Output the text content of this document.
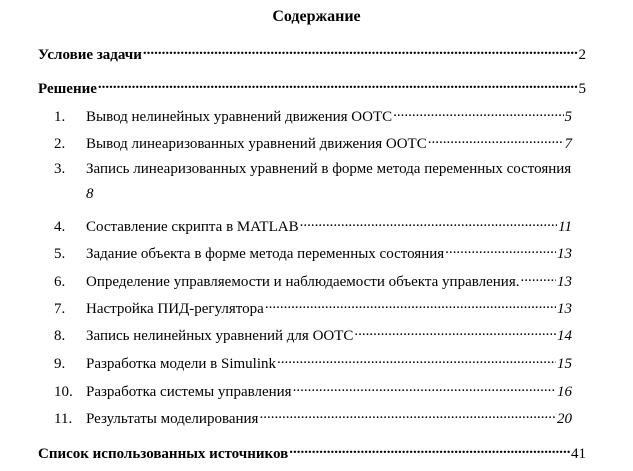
Содержание
Условие задачи .....	2
Решение .....	5
1.	Вывод нелинейных уравнений движения ООТС .....	5
2.	Вывод линеаризованных уравнений движения ООТС .....	7
3. Запись линеаризованных уравнений в форме метода переменных состояния
8
4.	Составление скрипта в MATLAB .....	11
5.	Задание объекта в форме метода переменных состояния .....	13
6.	Определение управляемости и наблюдаемости объекта управления. .....	13
7.	Настройка ПИД-регулятора .....	13
8.	Запись нелинейных уравнений для ООТС .....	14
9.	Разработка модели в Simulink .....	15
10. Разработка системы управления .....	16
11. Результаты моделирования .....	20
Список использованных источников .....	41
